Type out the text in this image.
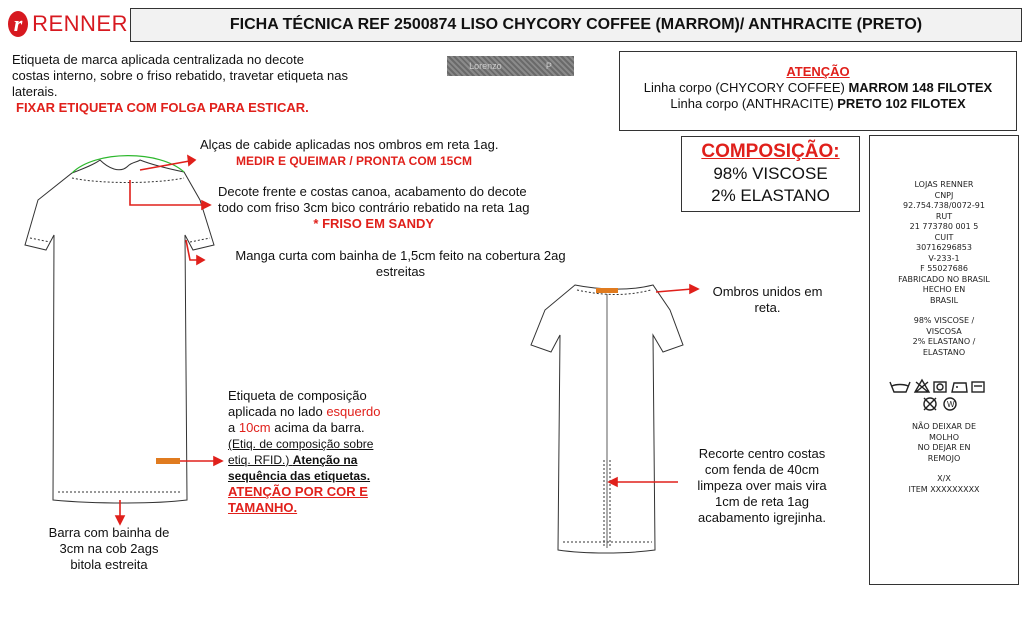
r RENNER	FICHA TÉCNICA REF 2500874 LISO CHYCORY COFFEE (MARROM)/ ANTHRACITE (PRETO)
Etiqueta de marca aplicada centralizada no decote
costas interno, sobre o friso rebatido, travetar etiqueta nas
laterais.
FIXAR ETIQUETA COM FOLGA PARA ESTICAR.
Lorenzo	P	ATENÇÃO
Linha corpo (CHYCORY COFFEE) MARROM 148 FILOTEX
Linha corpo (ANTHRACITE) PRETO 102 FILOTEX
COMPOSIÇÃO:
98% VISCOSE
2% ELASTANO
LOJAS RENNER
CNPJ
92.754.738/0072-91
RUT
21 773780 001 5
CUIT
30716296853
V-233-1
F 55027686
FABRICADO NO BRASIL
HECHO EN
BRASIL
98% VISCOSE /
VISCOSA
2% ELASTANO /
ELASTANO
W
NÃO DEIXAR DE
MOLHO
NO DEJAR EN
REMOJO
X/X
ITEM XXXXXXXXX
Alças de cabide aplicadas nos ombros em reta 1ag.
MEDIR E QUEIMAR / PRONTA COM 15CM
Decote frente e costas canoa, acabamento do decote
todo com friso 3cm bico contrário rebatido na reta 1ag
* FRISO EM SANDY
Manga curta com bainha de 1,5cm feito na cobertura 2ag
estreitas
Ombros unidos em
reta.
Etiqueta de composição
aplicada no lado esquerdo
a 10cm acima da barra.
(Etiq. de composição sobre
etiq. RFID.) Atenção na
sequência das etiquetas.
ATENÇÃO POR COR E
TAMANHO.
Barra com bainha de
3cm na cob 2ags
bitola estreita
Recorte centro costas
com fenda de 40cm
limpeza over mais vira
1cm de reta 1ag
acabamento igrejinha.
